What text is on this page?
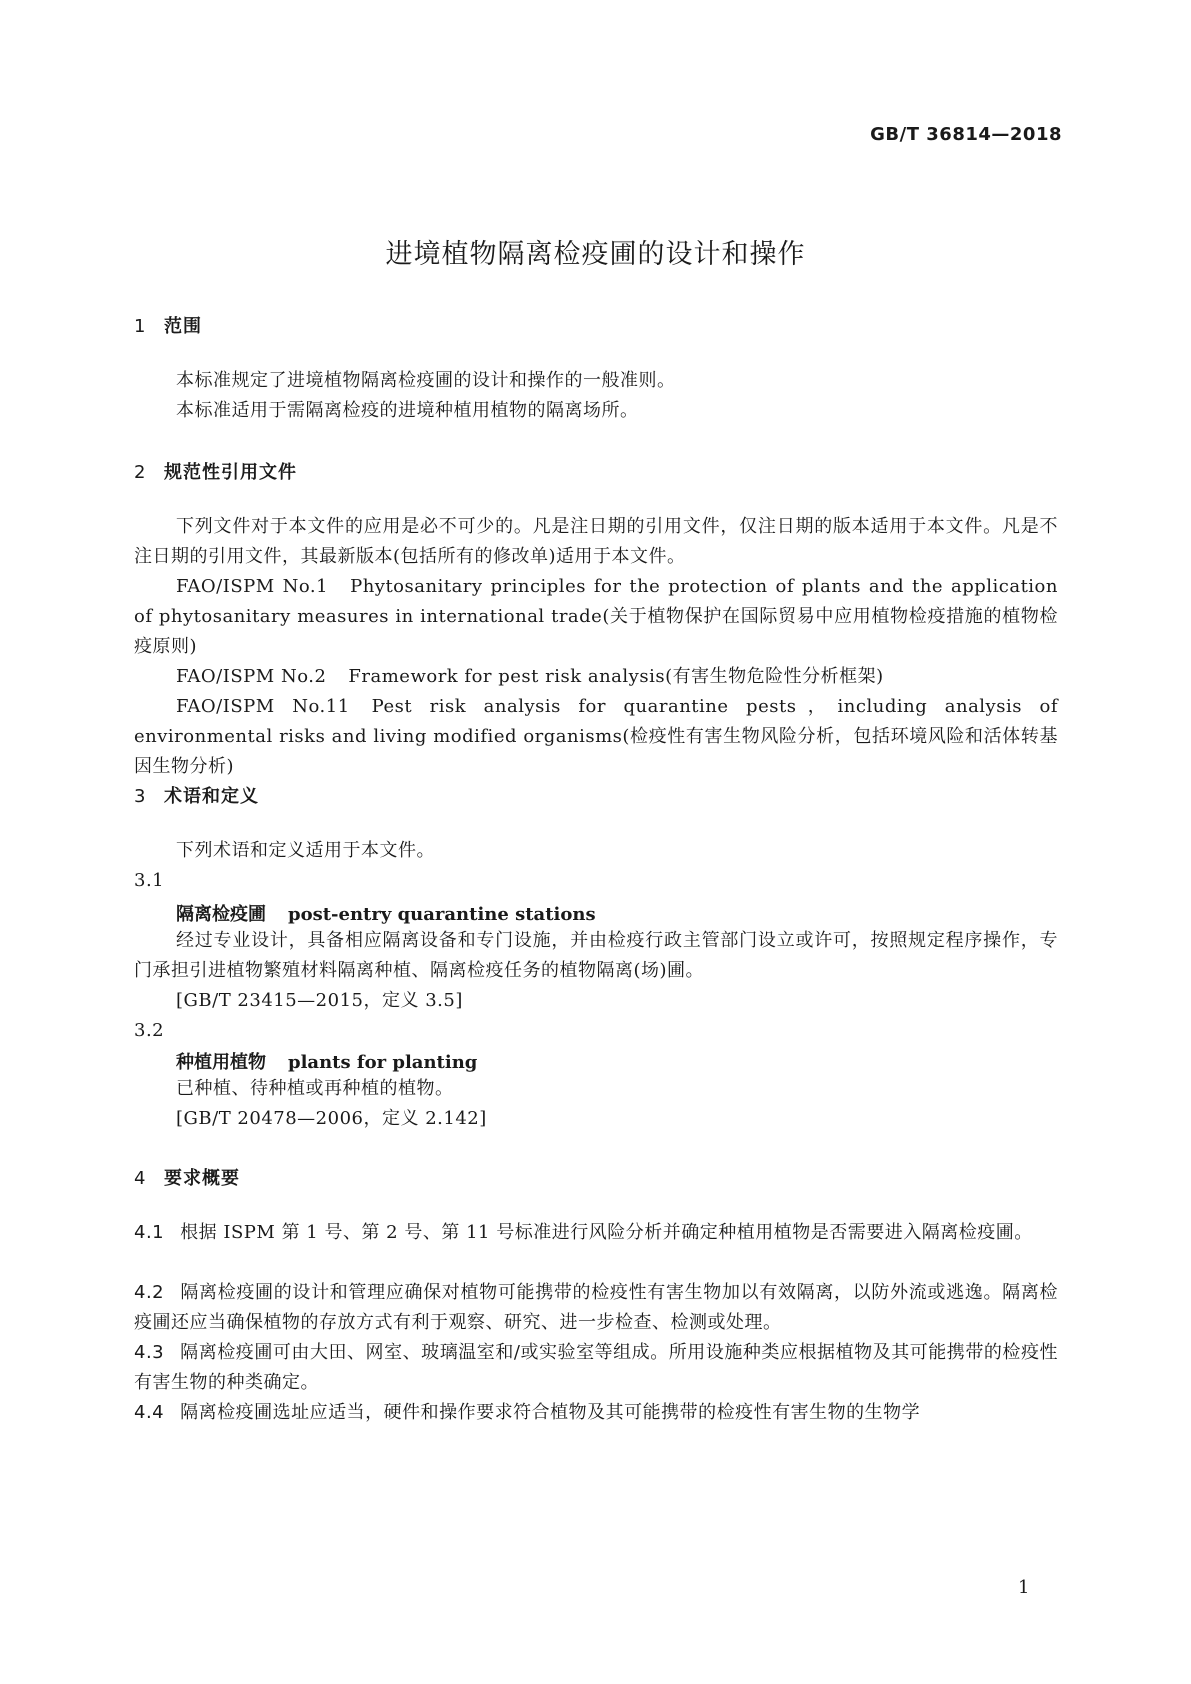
GB/T 36814—2018
进境植物隔离检疫圃的设计和操作
1 范围
本标准规定了进境植物隔离检疫圃的设计和操作的一般准则。
本标准适用于需隔离检疫的进境种植用植物的隔离场所。
2 规范性引用文件
下列文件对于本文件的应用是必不可少的。凡是注日期的引用文件，仅注日期的版本适用于本文件。凡是不注日期的引用文件，其最新版本(包括所有的修改单)适用于本文件。
FAO/ISPM No.1 Phytosanitary principles for the protection of plants and the application of phytosanitary measures in international trade(关于植物保护在国际贸易中应用植物检疫措施的植物检疫原则)
FAO/ISPM No.2 Framework for pest risk analysis(有害生物危险性分析框架)
FAO/ISPM No.11 Pest risk analysis for quarantine pests，including analysis of environmental risks and living modified organisms(检疫性有害生物风险分析，包括环境风险和活体转基因生物分析)
3 术语和定义
下列术语和定义适用于本文件。
3.1
隔离检疫圃 post-entry quarantine stations
经过专业设计，具备相应隔离设备和专门设施，并由检疫行政主管部门设立或许可，按照规定程序操作，专门承担引进植物繁殖材料隔离种植、隔离检疫任务的植物隔离(场)圃。
[GB/T 23415—2015，定义 3.5]
3.2
种植用植物 plants for planting
已种植、待种植或再种植的植物。
[GB/T 20478—2006，定义 2.142]
4 要求概要
4.1 根据 ISPM 第 1 号、第 2 号、第 11 号标准进行风险分析并确定种植用植物是否需要进入隔离检疫圃。
4.2 隔离检疫圃的设计和管理应确保对植物可能携带的检疫性有害生物加以有效隔离，以防外流或逃逸。隔离检疫圃还应当确保植物的存放方式有利于观察、研究、进一步检查、检测或处理。
4.3 隔离检疫圃可由大田、网室、玻璃温室和/或实验室等组成。所用设施种类应根据植物及其可能携带的检疫性有害生物的种类确定。
4.4 隔离检疫圃选址应适当，硬件和操作要求符合植物及其可能携带的检疫性有害生物的生物学
1
